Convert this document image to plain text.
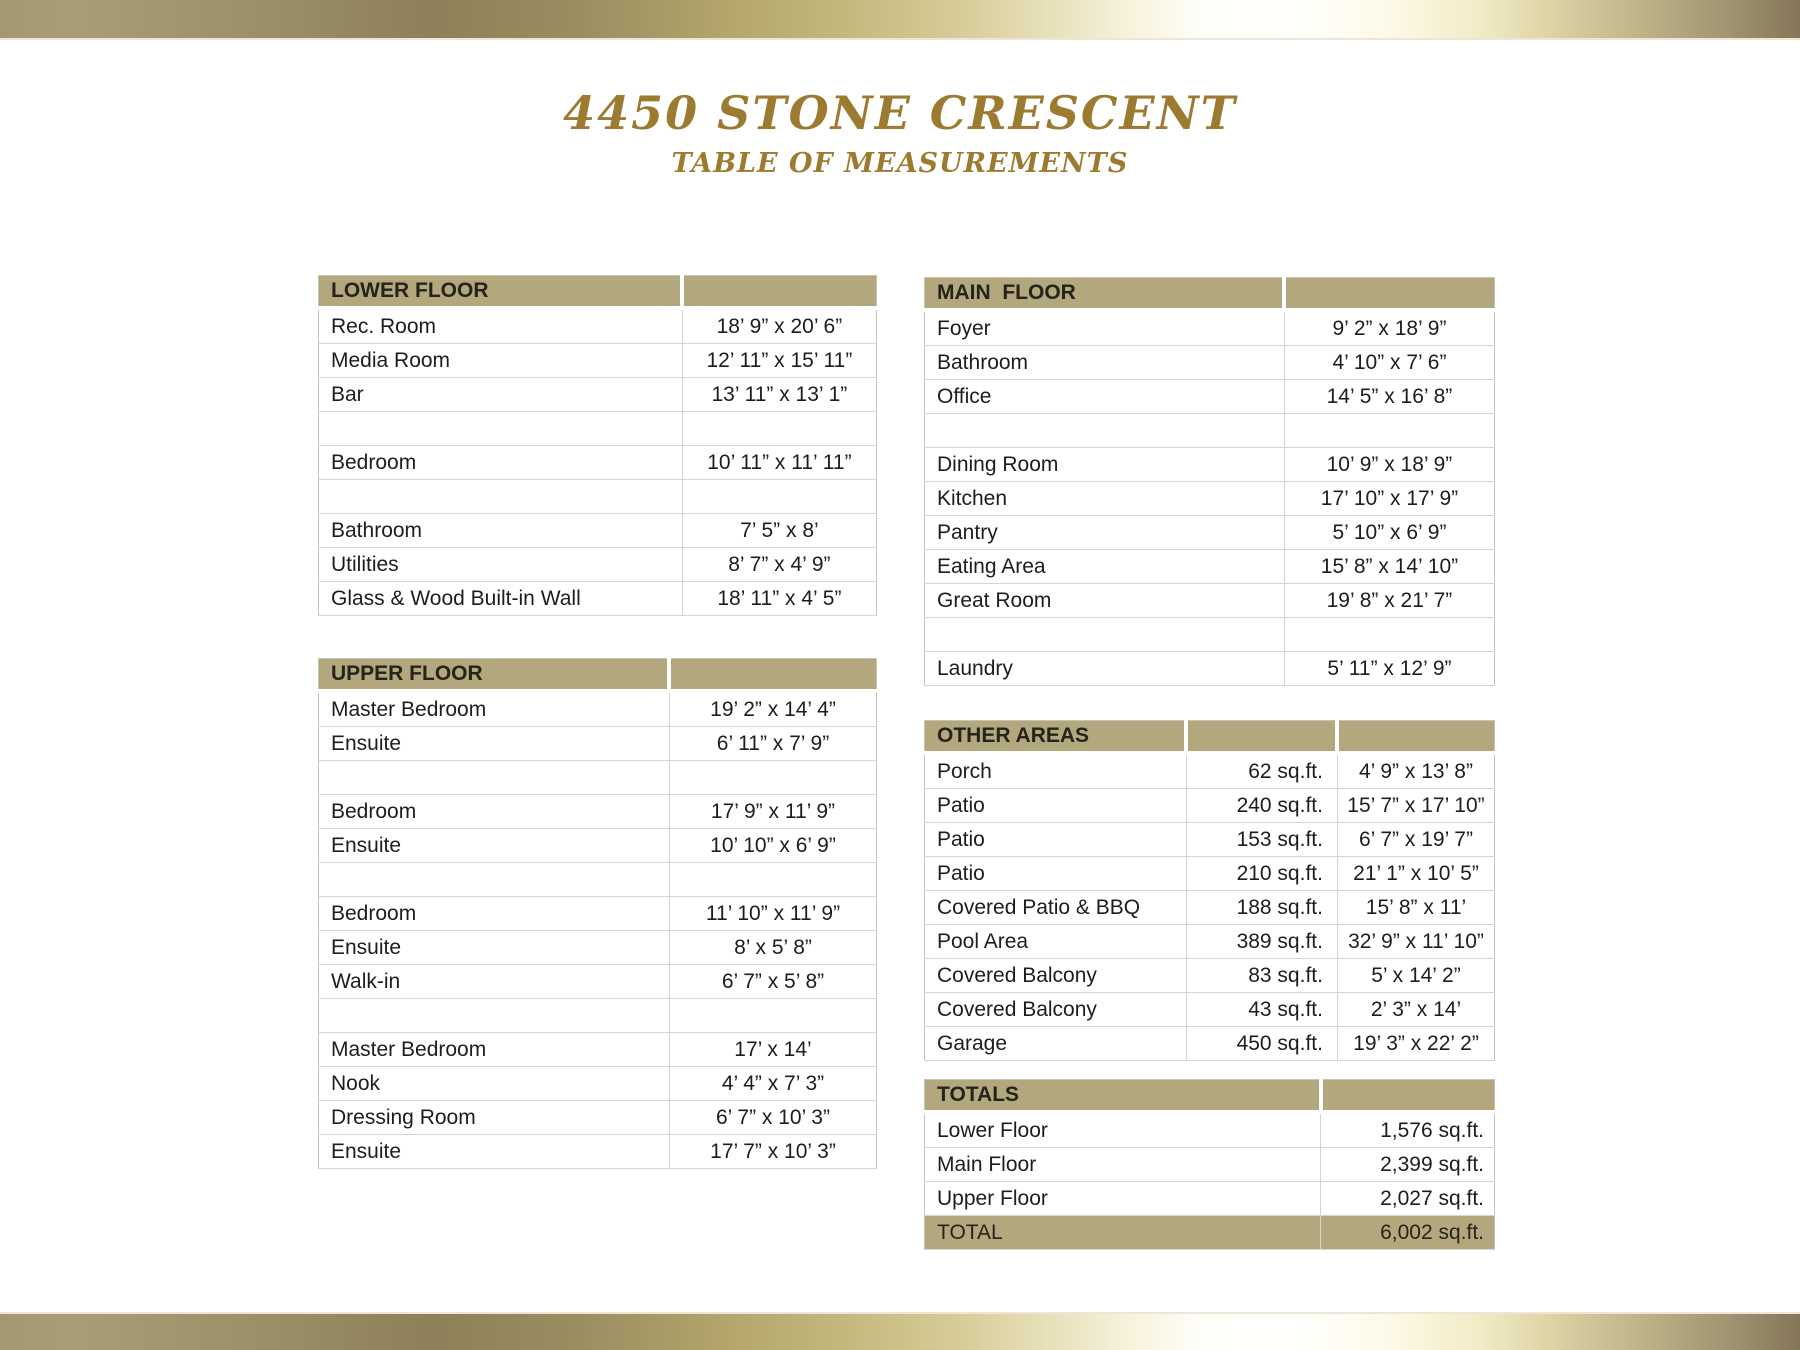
4450 STONE CRESCENT
TABLE OF MEASUREMENTS
LOWER FLOOR	
Rec. Room	18’ 9” x 20’ 6”
Media Room	12’ 11” x 15’ 11”
Bar	13’ 11” x 13’ 1”

Bedroom	10’ 11” x 11’ 11”

Bathroom	7’ 5” x 8’
Utilities	8’ 7” x 4’ 9”
Glass & Wood Built-in Wall	18’ 11” x 4’ 5”
UPPER FLOOR	
Master Bedroom	19’ 2” x 14’ 4”
Ensuite	6’ 11” x 7’ 9”

Bedroom	17’ 9” x 11’ 9”
Ensuite	10’ 10” x 6’ 9”

Bedroom	11’ 10” x 11’ 9”
Ensuite	8’ x 5’ 8”
Walk-in	6’ 7” x 5’ 8”

Master Bedroom	17’ x 14’
Nook	4’ 4” x 7’ 3”
Dressing Room	6’ 7” x 10’ 3”
Ensuite	17’ 7” x 10’ 3”
MAIN  FLOOR	
Foyer	9’ 2” x 18’ 9”
Bathroom	4’ 10” x 7’ 6”
Office	14’ 5” x 16’ 8”

Dining Room	10’ 9” x 18’ 9”
Kitchen	17’ 10” x 17’ 9”
Pantry	5’ 10” x 6’ 9”
Eating Area	15’ 8” x 14’ 10”
Great Room	19’ 8” x 21’ 7”

Laundry	5’ 11” x 12’ 9”
OTHER AREAS		
Porch	62 sq.ft.	4’ 9” x 13’ 8”
Patio	240 sq.ft.	15’ 7” x 17’ 10”
Patio	153 sq.ft.	6’ 7” x 19’ 7”
Patio	210 sq.ft.	21’ 1” x 10’ 5”
Covered Patio & BBQ	188 sq.ft.	15’ 8” x 11’
Pool Area	389 sq.ft.	32’ 9” x 11’ 10”
Covered Balcony	83 sq.ft.	5’ x 14’ 2”
Covered Balcony	43 sq.ft.	2’ 3” x 14’
Garage	450 sq.ft.	19’ 3” x 22’ 2”
TOTALS	
Lower Floor	1,576 sq.ft.
Main Floor	2,399 sq.ft.
Upper Floor	2,027 sq.ft.
TOTAL	6,002 sq.ft.
